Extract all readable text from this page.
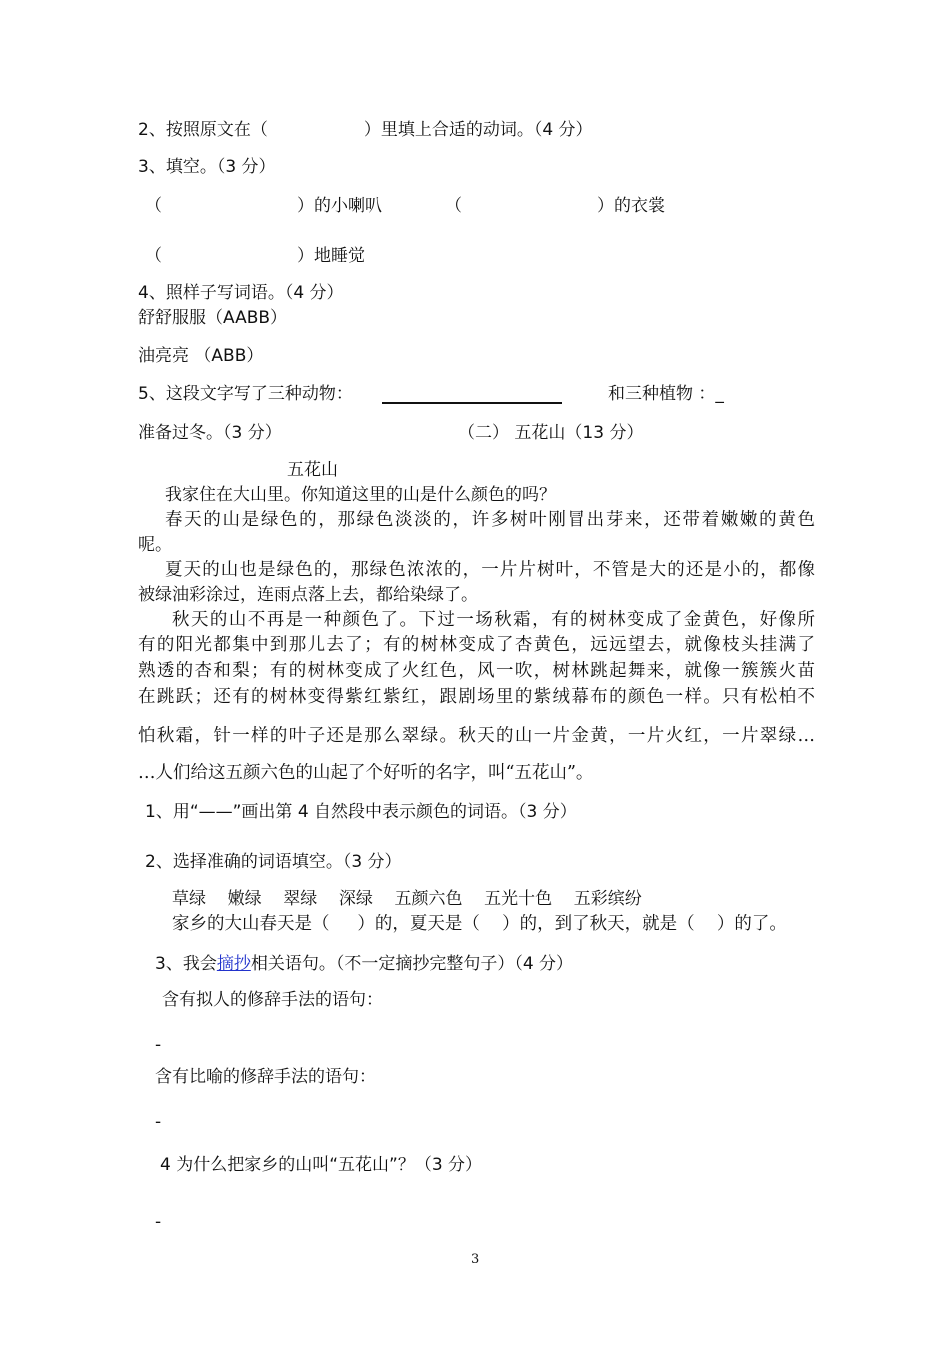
2、按照原文在（	）里填上合适的动词。（4 分）
3、填空。（3 分）
（	）的小喇叭	（	）的衣裳
（	）地睡觉
4、照样子写词语。（4 分）
舒舒服服（AABB）
油亮亮 （ABB）
5、这段文字写了三种动物：	和三种植物 ：_
准备过冬。（3 分）	（二） 五花山（13 分）
五花山
我家住在大山里。你知道这里的山是什么颜色的吗？
春天的山是绿色的，那绿色淡淡的，许多树叶刚冒出芽来，还带着嫩嫩的黄色
呢。
夏天的山也是绿色的，那绿色浓浓的，一片片树叶，不管是大的还是小的，都像
被绿油彩涂过，连雨点落上去，都给染绿了。
秋天的山不再是一种颜色了。下过一场秋霜，有的树林变成了金黄色，好像所
有的阳光都集中到那儿去了；有的树林变成了杏黄色，远远望去，就像枝头挂满了
熟透的杏和梨；有的树林变成了火红色，风一吹，树林跳起舞来，就像一簇簇火苗
在跳跃；还有的树林变得紫红紫红，跟剧场里的紫绒幕布的颜色一样。只有松柏不
怕秋霜，针一样的叶子还是那么翠绿。秋天的山一片金黄，一片火红，一片翠绿…
…人们给这五颜六色的山起了个好听的名字，叫“五花山”。
1、用“——”画出第 4 自然段中表示颜色的词语。（3 分）
2、选择准确的词语填空。（3 分）
草绿 嫩绿 翠绿 深绿 五颜六色 五光十色 五彩缤纷
家乡的大山春天是（     ）的，夏天是（    ）的，到了秋天，就是（    ）的了。
3、我会摘抄相关语句。（不一定摘抄完整句子）（4 分）
含有拟人的修辞手法的语句：
-
含有比喻的修辞手法的语句：
-
4 为什么把家乡的山叫“五花山”？（3 分）
-
3
